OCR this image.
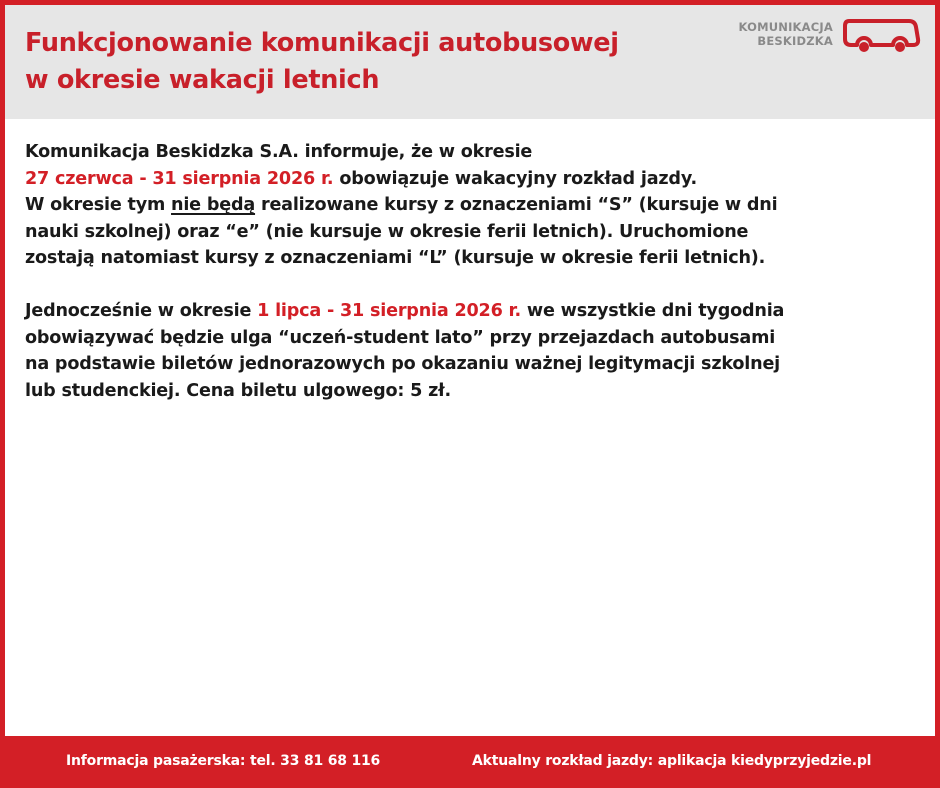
Funkcjonowanie komunikacji autobusowej
w okresie wakacji letnich
KOMUNIKACJA
BESKIDZKA
Komunikacja Beskidzka S.A. informuje, że w okresie
27 czerwca - 31 sierpnia 2026 r. obowiązuje wakacyjny rozkład jazdy.
W okresie tym nie będą realizowane kursy z oznaczeniami “S” (kursuje w dni
nauki szkolnej) oraz “e” (nie kursuje w okresie ferii letnich). Uruchomione
zostają natomiast kursy z oznaczeniami “L” (kursuje w okresie ferii letnich).
Jednocześnie w okresie 1 lipca - 31 sierpnia 2026 r. we wszystkie dni tygodnia
obowiązywać będzie ulga “uczeń-student lato” przy przejazdach autobusami
na podstawie biletów jednorazowych po okazaniu ważnej legitymacji szkolnej
lub studenckiej. Cena biletu ulgowego: 5 zł.
Informacja pasażerska: tel. 33 81 68 116	Aktualny rozkład jazdy: aplikacja kiedyprzyjedzie.pl
